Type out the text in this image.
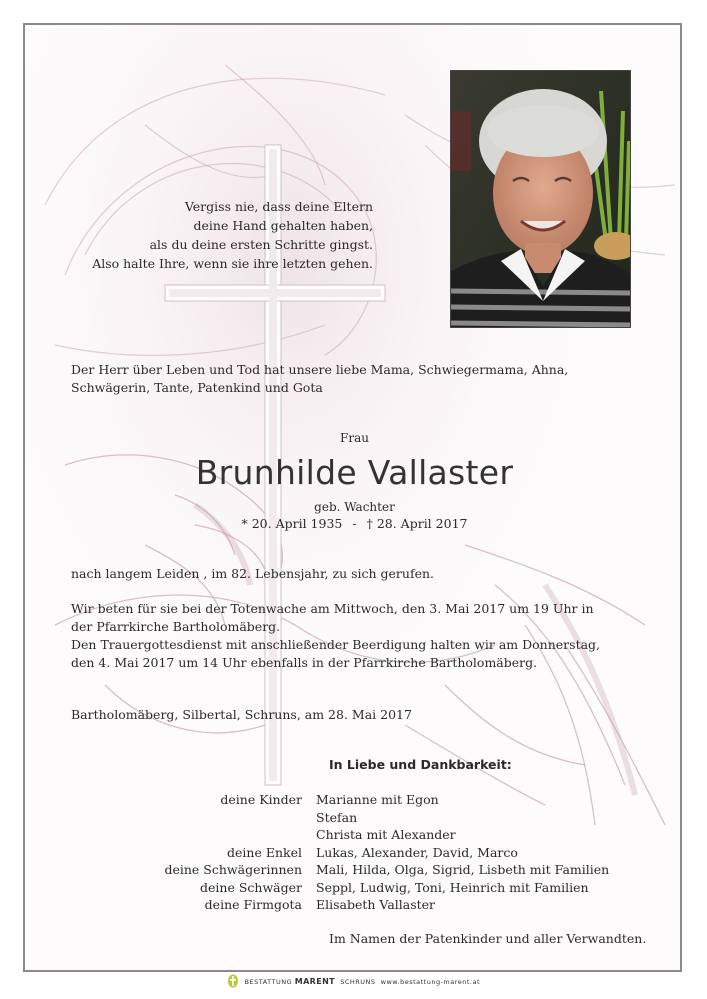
Vergiss nie, dass deine Eltern
deine Hand gehalten haben,
als du deine ersten Schritte gingst.
Also halte Ihre, wenn sie ihre letzten gehen.
Der Herr über Leben und Tod hat unsere liebe Mama, Schwiegermama, Ahna, Schwägerin, Tante, Patenkind und Gota
Frau
Brunhilde Vallaster
geb. Wachter
* 20. April 1935 - † 28. April 2017
nach langem Leiden , im 82. Lebensjahr, zu sich gerufen.
Wir beten für sie bei der Totenwache am Mittwoch, den 3. Mai 2017 um 19 Uhr in
der Pfarrkirche Bartholomäberg.
Den Trauergottesdienst mit anschließender Beerdigung halten wir am Donnerstag,
den 4. Mai 2017 um 14 Uhr ebenfalls in der Pfarrkirche Bartholomäberg.
Bartholomäberg, Silbertal, Schruns, am 28. Mai 2017
In Liebe und Dankbarkeit:
deine Kinder	Marianne mit Egon
Stefan
Christa mit Alexander
deine Enkel	Lukas, Alexander, David, Marco
deine Schwägerinnen	Mali, Hilda, Olga, Sigrid, Lisbeth mit Familien
deine Schwäger	Seppl, Ludwig, Toni, Heinrich mit Familien
deine Firmgota	Elisabeth Vallaster
Im Namen der Patenkinder und aller Verwandten.
BESTATTUNG MARENT SCHRUNS www.bestattung-marent.at
